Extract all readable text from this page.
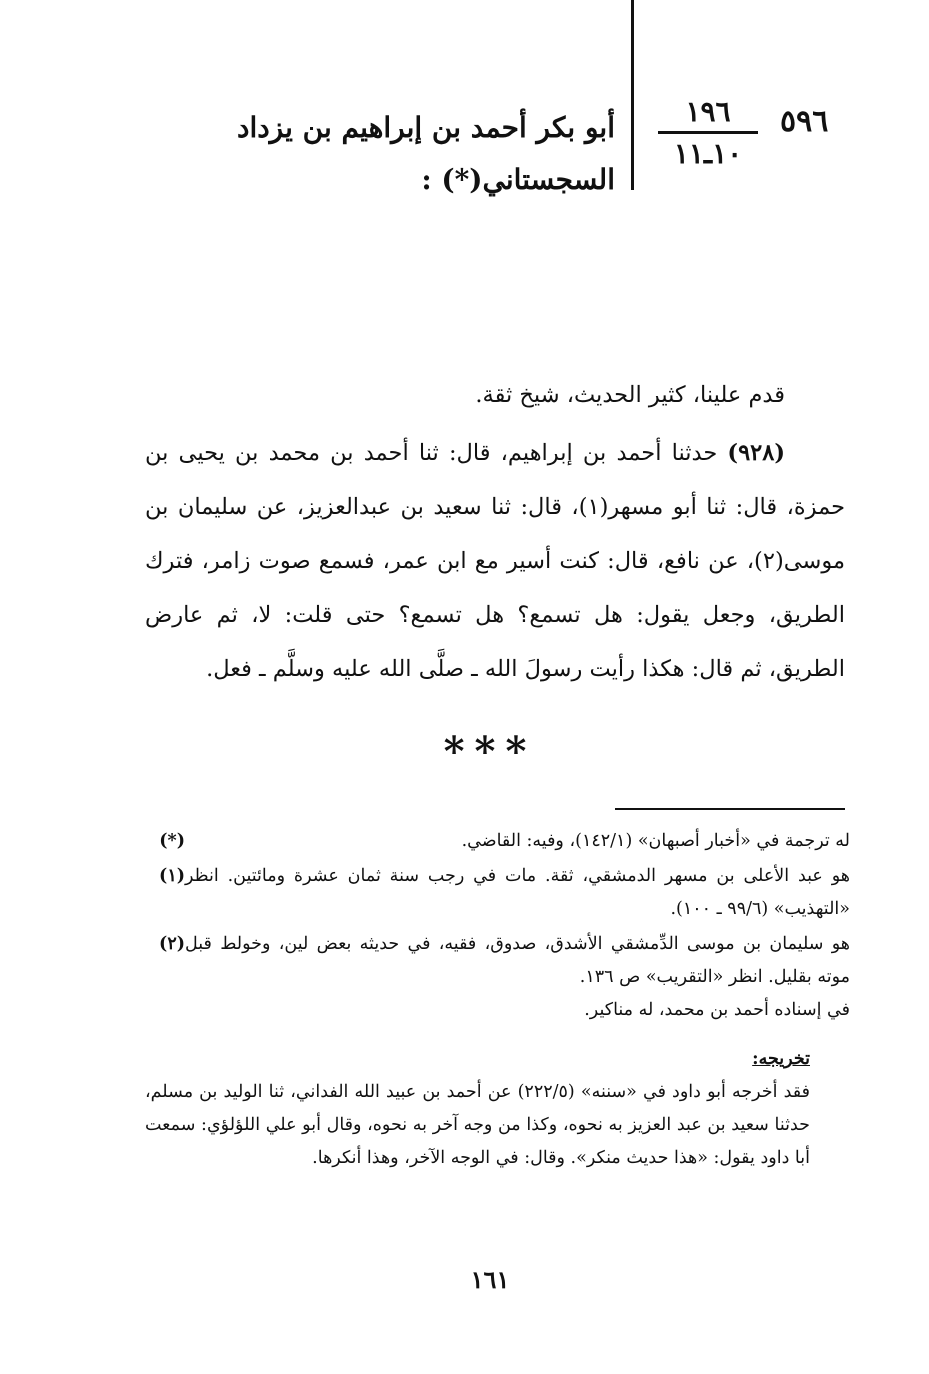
٥٩٦
١٩٦
١٠ـ١١
أبو بكر أحمد بن إبراهيم بن يزداد
السجستاني(*) :

قدم علينا، كثير الحديث، شيخ ثقة.

(٩٢٨) حدثنا أحمد بن إبراهيم، قال: ثنا أحمد بن محمد بن يحيى بن حمزة، قال: ثنا أبو مسهر(١)، قال: ثنا سعيد بن عبدالعزيز، عن سليمان بن موسى(٢)، عن نافع، قال: كنت أسير مع ابن عمر، فسمع صوت زامر، فترك الطريق، وجعل يقول: هل تسمع؟ هل تسمع؟ حتى قلت: لا، ثم عارض الطريق، ثم قال: هكذا رأيت رسولَ الله ـ صلَّى الله عليه وسلَّم ـ فعل.

***
(*)	له ترجمة في «أخبار أصبهان» (١٤٢/١)، وفيه: القاضي.
(١) هو عبد الأعلى بن مسهر الدمشقي، ثقة. مات في رجب سنة ثمان عشرة ومائتين. انظر «التهذيب» (٩٩/٦ ـ ١٠٠).
(٢) هو سليمان بن موسى الدِّمشقي الأشدق، صدوق، فقيه، في حديثه بعض لين، وخولط قبل موته بقليل. انظر «التقريب» ص ١٣٦.
في إسناده أحمد بن محمد، له مناكير.
تخريجه:
فقد أخرجه أبو داود في «سننه» (٢٢٢/٥) عن أحمد بن عبيد الله الفداني، ثنا الوليد بن مسلم، حدثنا سعيد بن عبد العزيز به نحوه، وكذا من وجه آخر به نحوه، وقال أبو علي اللؤلؤي: سمعت أبا داود يقول: «هذا حديث منكر». وقال: في الوجه الآخر، وهذا أنكرها.
١٦١
